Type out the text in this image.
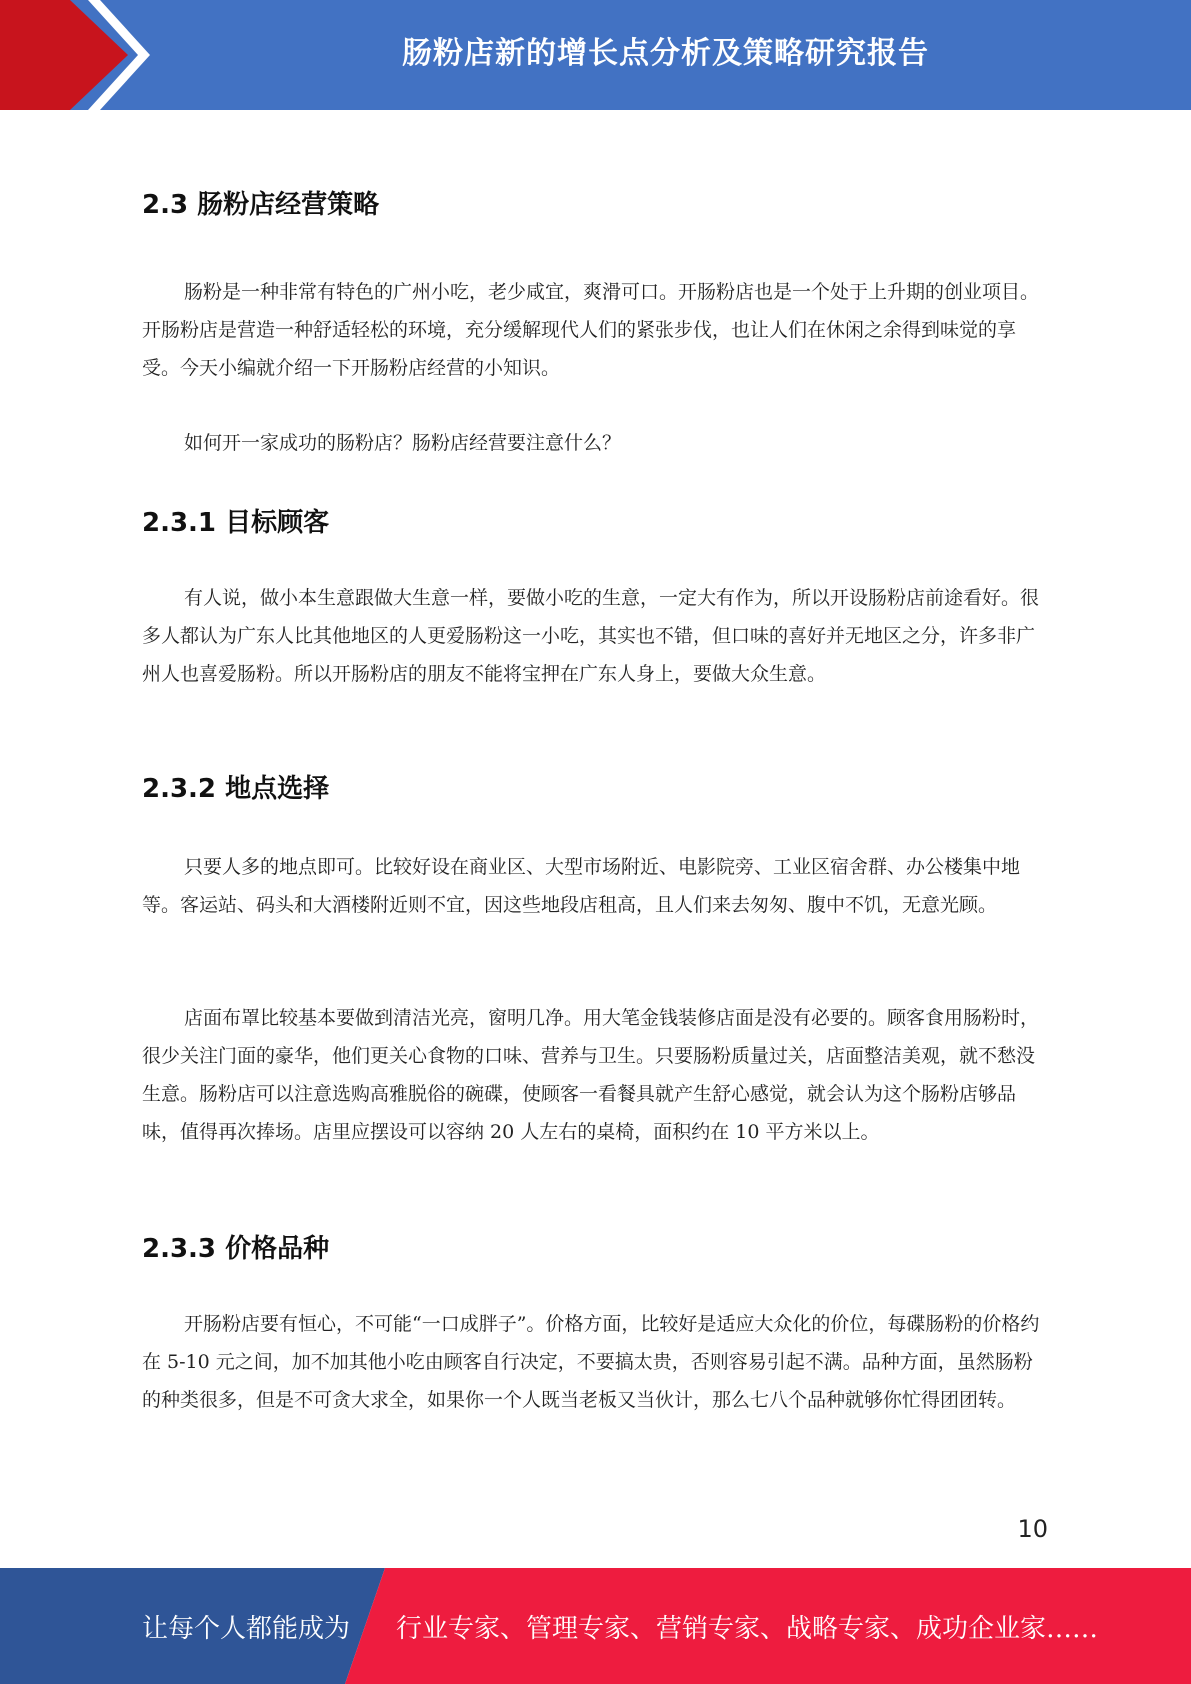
肠粉店新的增长点分析及策略研究报告
2.3 肠粉店经营策略

肠粉是一种非常有特色的广州小吃，老少咸宜，爽滑可口。开肠粉店也是一个处于上升期的创业项目。开肠粉店是营造一种舒适轻松的环境，充分缓解现代人们的紧张步伐，也让人们在休闲之余得到味觉的享受。今天小编就介绍一下开肠粉店经营的小知识。

如何开一家成功的肠粉店？肠粉店经营要注意什么？

2.3.1 目标顾客

有人说，做小本生意跟做大生意一样，要做小吃的生意，一定大有作为，所以开设肠粉店前途看好。很多人都认为广东人比其他地区的人更爱肠粉这一小吃，其实也不错，但口味的喜好并无地区之分，许多非广州人也喜爱肠粉。所以开肠粉店的朋友不能将宝押在广东人身上，要做大众生意。

2.3.2 地点选择

只要人多的地点即可。比较好设在商业区、大型市场附近、电影院旁、工业区宿舍群、办公楼集中地等。客运站、码头和大酒楼附近则不宜，因这些地段店租高，且人们来去匆匆、腹中不饥，无意光顾。

店面布罩比较基本要做到清洁光亮，窗明几净。用大笔金钱装修店面是没有必要的。顾客食用肠粉时，很少关注门面的豪华，他们更关心食物的口味、营养与卫生。只要肠粉质量过关，店面整洁美观，就不愁没生意。肠粉店可以注意选购高雅脱俗的碗碟，使顾客一看餐具就产生舒心感觉，就会认为这个肠粉店够品味，值得再次捧场。店里应摆设可以容纳 20 人左右的桌椅，面积约在 10 平方米以上。

2.3.3 价格品种

开肠粉店要有恒心，不可能“一口成胖子”。价格方面，比较好是适应大众化的价位，每碟肠粉的价格约在 5-10 元之间，加不加其他小吃由顾客自行决定，不要搞太贵，否则容易引起不满。品种方面，虽然肠粉的种类很多，但是不可贪大求全，如果你一个人既当老板又当伙计，那么七八个品种就够你忙得团团转。

10
让每个人都能成为 行业专家、管理专家、营销专家、战略专家、成功企业家……
